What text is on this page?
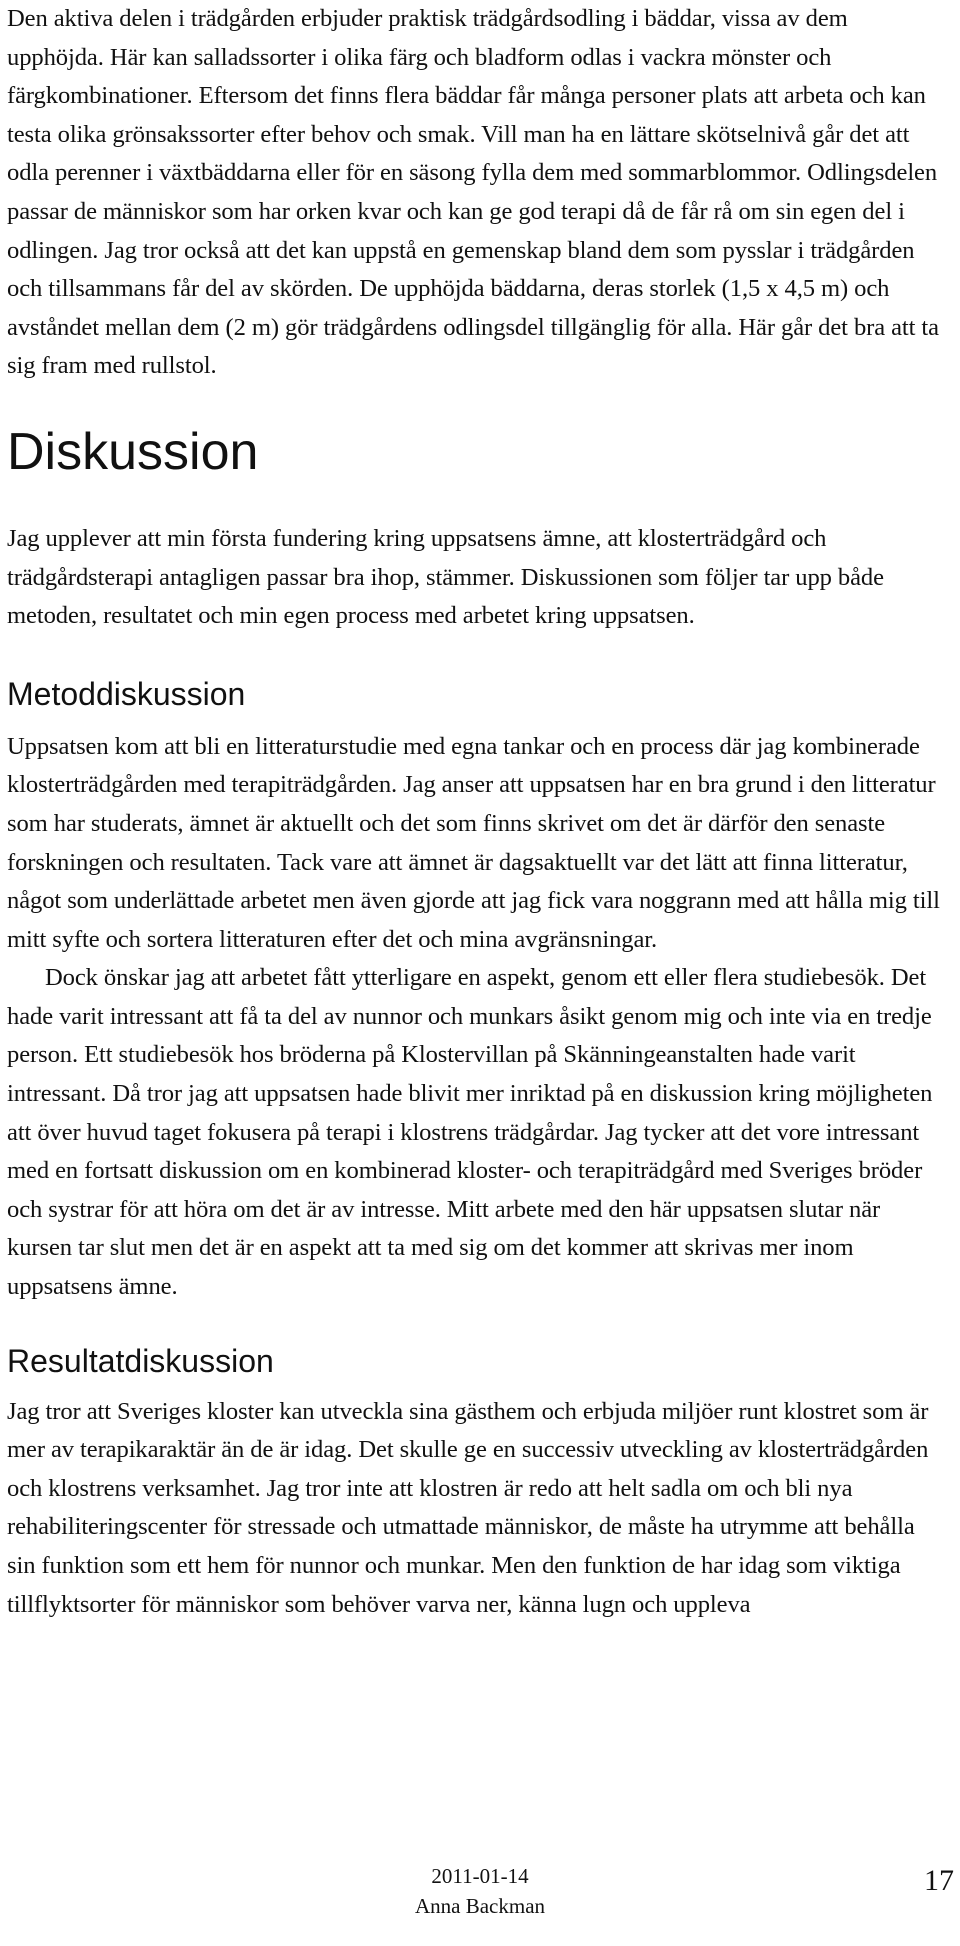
Den aktiva delen i trädgården erbjuder praktisk trädgårdsodling i bäddar, vissa av dem upphöjda. Här kan salladssorter i olika färg och bladform odlas i vackra mönster och färgkombinationer. Eftersom det finns flera bäddar får många personer plats att arbeta och kan testa olika grönsakssorter efter behov och smak. Vill man ha en lättare skötselnivå går det att odla perenner i växtbäddarna eller för en säsong fylla dem med sommarblommor. Odlingsdelen passar de människor som har orken kvar och kan ge god terapi då de får rå om sin egen del i odlingen. Jag tror också att det kan uppstå en gemenskap bland dem som pysslar i trädgården och tillsammans får del av skörden. De upphöjda bäddarna, deras storlek (1,5 x 4,5 m) och avståndet mellan dem (2 m) gör trädgårdens odlingsdel tillgänglig för alla. Här går det bra att ta sig fram med rullstol.

Diskussion

Jag upplever att min första fundering kring uppsatsens ämne, att klosterträdgård och trädgårdsterapi antagligen passar bra ihop, stämmer. Diskussionen som följer tar upp både metoden, resultatet och min egen process med arbetet kring uppsatsen.

Metoddiskussion

Uppsatsen kom att bli en litteraturstudie med egna tankar och en process där jag kombinerade klosterträdgården med terapiträdgården. Jag anser att uppsatsen har en bra grund i den litteratur som har studerats, ämnet är aktuellt och det som finns skrivet om det är därför den senaste forskningen och resultaten. Tack vare att ämnet är dagsaktuellt var det lätt att finna litteratur, något som underlättade arbetet men även gjorde att jag fick vara noggrann med att hålla mig till mitt syfte och sortera litteraturen efter det och mina avgränsningar.

Dock önskar jag att arbetet fått ytterligare en aspekt, genom ett eller flera studiebesök. Det hade varit intressant att få ta del av nunnor och munkars åsikt genom mig och inte via en tredje person. Ett studiebesök hos bröderna på Klostervillan på Skänningeanstalten hade varit intressant. Då tror jag att uppsatsen hade blivit mer inriktad på en diskussion kring möjligheten att över huvud taget fokusera på terapi i klostrens trädgårdar. Jag tycker att det vore intressant med en fortsatt diskussion om en kombinerad kloster- och terapiträdgård med Sveriges bröder och systrar för att höra om det är av intresse. Mitt arbete med den här uppsatsen slutar när kursen tar slut men det är en aspekt att ta med sig om det kommer att skrivas mer inom uppsatsens ämne.

Resultatdiskussion

Jag tror att Sveriges kloster kan utveckla sina gästhem och erbjuda miljöer runt klostret som är mer av terapikaraktär än de är idag. Det skulle ge en successiv utveckling av klosterträdgården och klostrens verksamhet. Jag tror inte att klostren är redo att helt sadla om och bli nya rehabiliteringscenter för stressade och utmattade människor, de måste ha utrymme att behålla sin funktion som ett hem för nunnor och munkar. Men den funktion de har idag som viktiga tillflyktsorter för människor som behöver varva ner, känna lugn och uppleva

2011-01-14
Anna Backman
17
